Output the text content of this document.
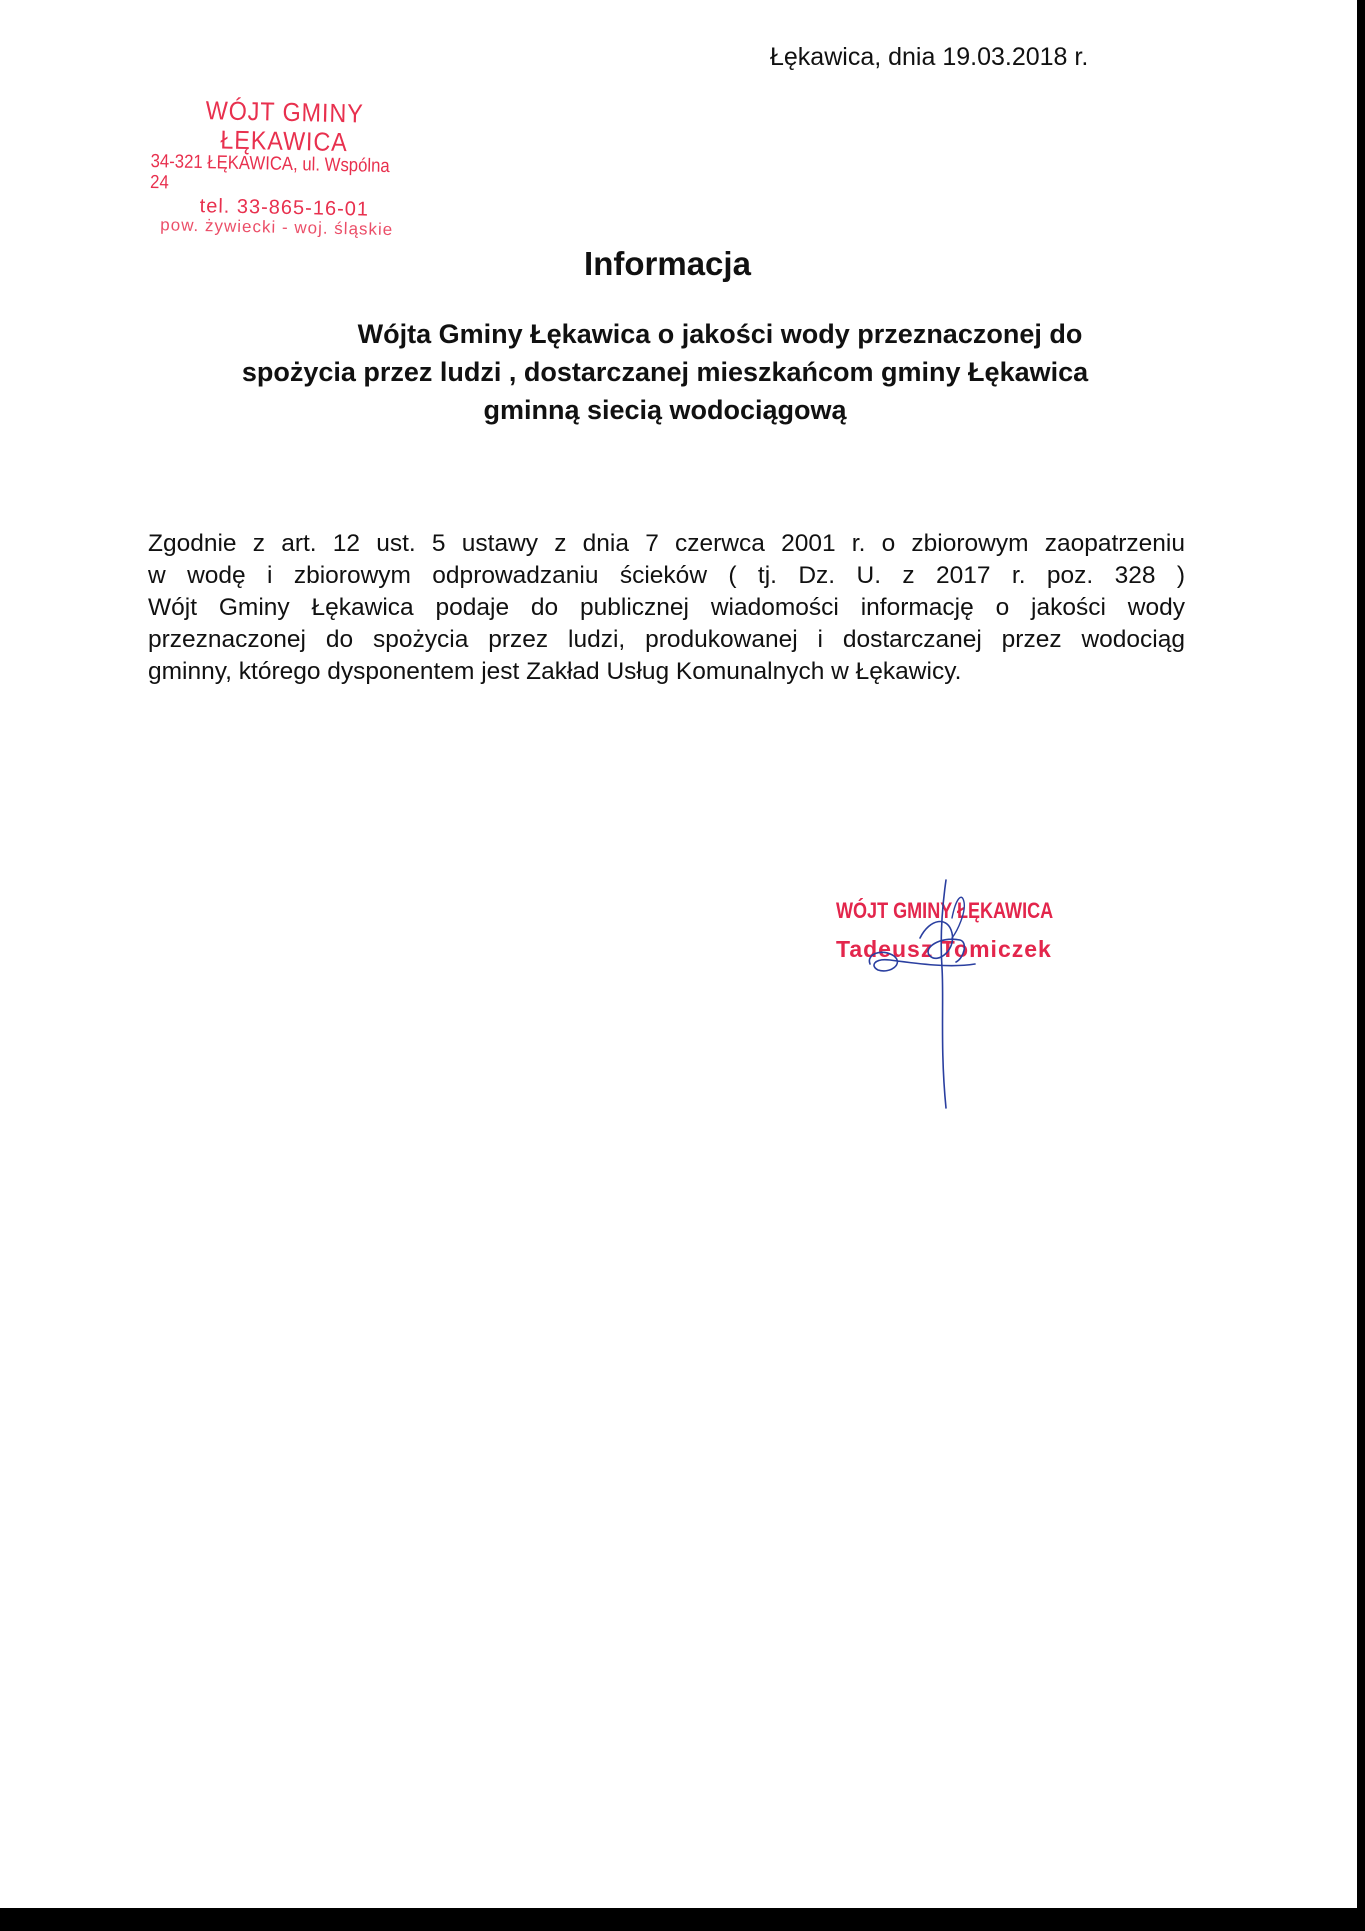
Łękawica, dnia 19.03.2018 r.
WÓJT GMINY ŁĘKAWICA
34-321 ŁĘKAWICA, ul. Wspólna 24
tel. 33-865-16-01
pow. żywiecki - woj. śląskie
Informacja
Wójta Gminy Łękawica o jakości wody przeznaczonej do
spożycia przez ludzi , dostarczanej mieszkańcom gminy Łękawica
gminną siecią wodociągową
Zgodnie z art. 12 ust. 5 ustawy z dnia 7 czerwca 2001 r. o zbiorowym zaopatrzeniu
w wodę i zbiorowym odprowadzaniu ścieków ( tj. Dz. U. z 2017 r. poz. 328 )
Wójt Gminy Łękawica podaje do publicznej wiadomości informację o jakości wody
przeznaczonej do spożycia przez ludzi, produkowanej i dostarczanej przez wodociąg
gminny, którego dysponentem jest Zakład Usług Komunalnych w Łękawicy.
WÓJT GMINY ŁĘKAWICA
Tadeusz Tomiczek
